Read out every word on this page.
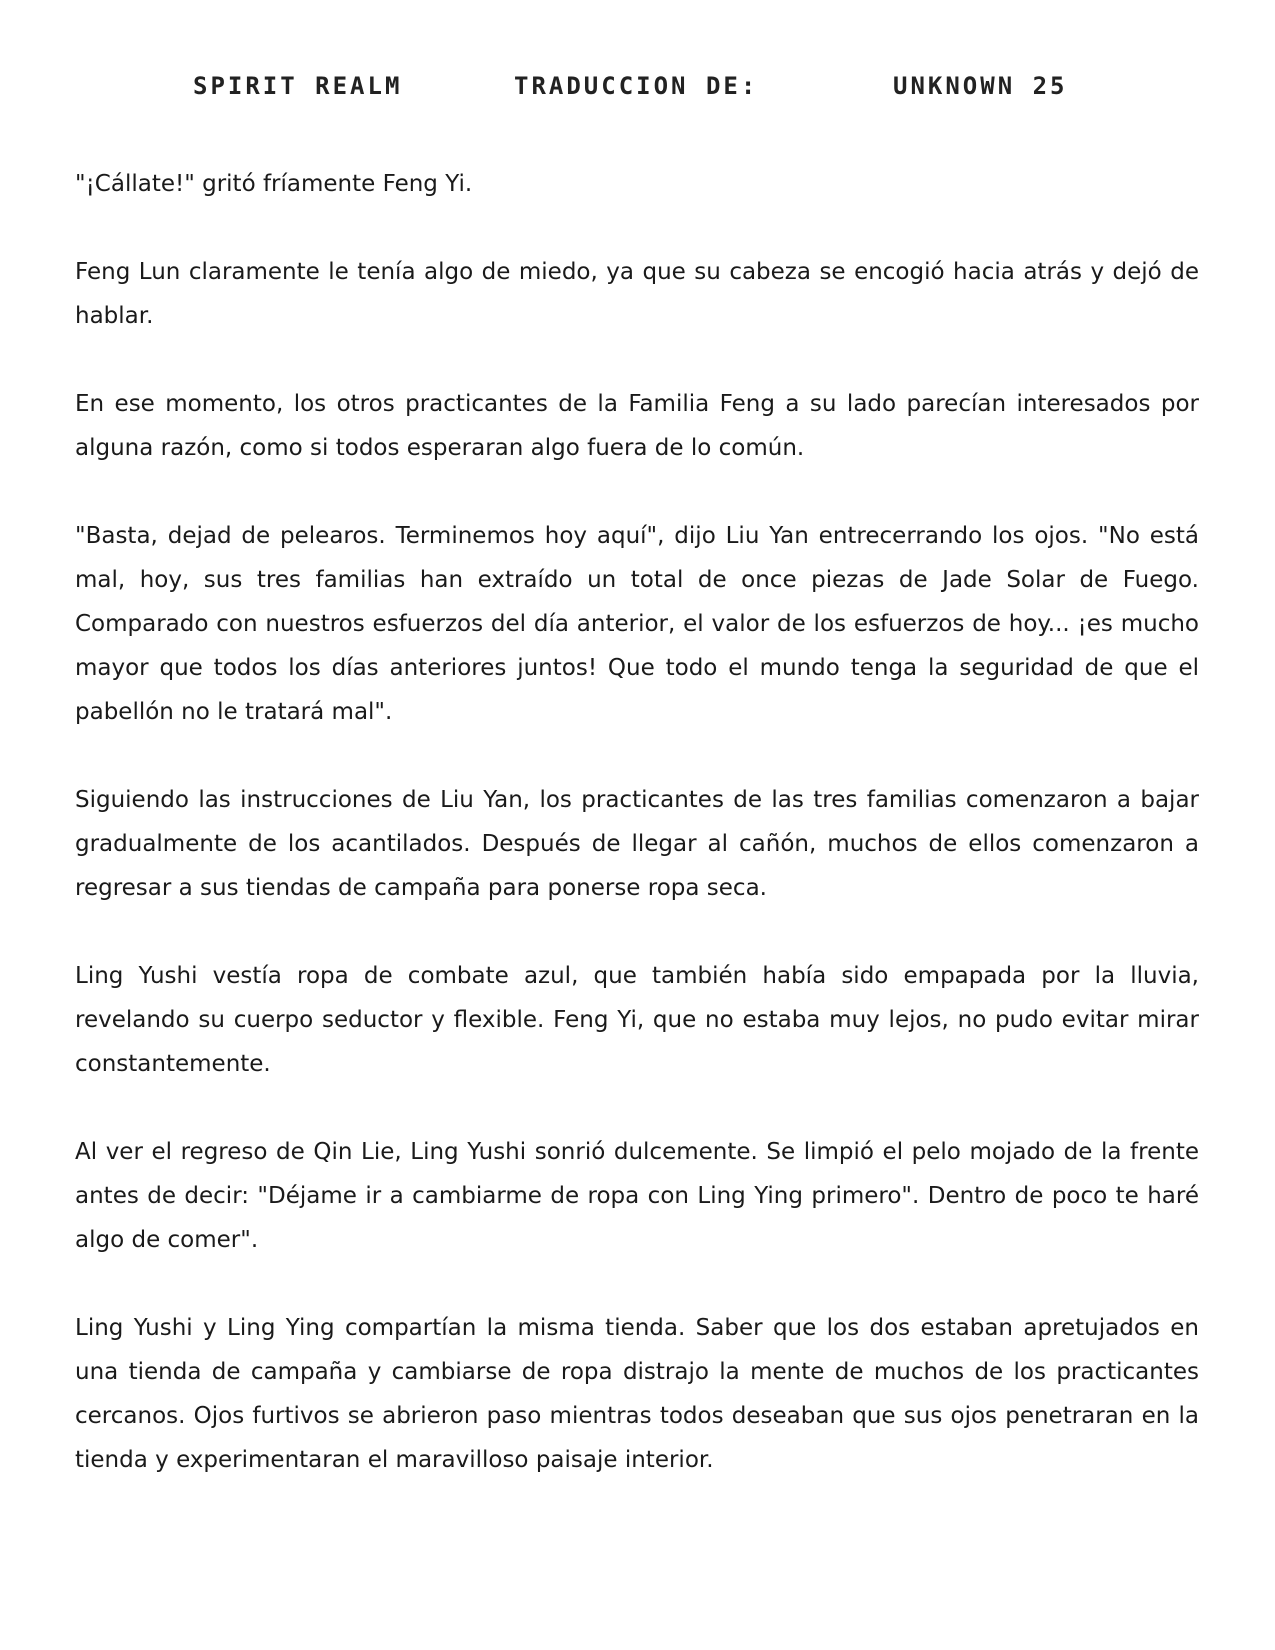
SPIRIT REALM	TRADUCCION DE:	UNKNOWN 25

"¡Cállate!" gritó fríamente Feng Yi.

Feng Lun claramente le tenía algo de miedo, ya que su cabeza se encogió hacia atrás y dejó de hablar.

En ese momento, los otros practicantes de la Familia Feng a su lado parecían interesados por alguna razón, como si todos esperaran algo fuera de lo común.

"Basta, dejad de pelearos. Terminemos hoy aquí", dijo Liu Yan entrecerrando los ojos. "No está mal, hoy, sus tres familias han extraído un total de once piezas de Jade Solar de Fuego. Comparado con nuestros esfuerzos del día anterior, el valor de los esfuerzos de hoy... ¡es mucho mayor que todos los días anteriores juntos! Que todo el mundo tenga la seguridad de que el pabellón no le tratará mal".

Siguiendo las instrucciones de Liu Yan, los practicantes de las tres familias comenzaron a bajar gradualmente de los acantilados. Después de llegar al cañón, muchos de ellos comenzaron a regresar a sus tiendas de campaña para ponerse ropa seca.

Ling Yushi vestía ropa de combate azul, que también había sido empapada por la lluvia, revelando su cuerpo seductor y flexible. Feng Yi, que no estaba muy lejos, no pudo evitar mirar constantemente.

Al ver el regreso de Qin Lie, Ling Yushi sonrió dulcemente. Se limpió el pelo mojado de la frente antes de decir: "Déjame ir a cambiarme de ropa con Ling Ying primero". Dentro de poco te haré algo de comer".

Ling Yushi y Ling Ying compartían la misma tienda. Saber que los dos estaban apretujados en una tienda de campaña y cambiarse de ropa distrajo la mente de muchos de los practicantes cercanos. Ojos furtivos se abrieron paso mientras todos deseaban que sus ojos penetraran en la tienda y experimentaran el maravilloso paisaje interior.
